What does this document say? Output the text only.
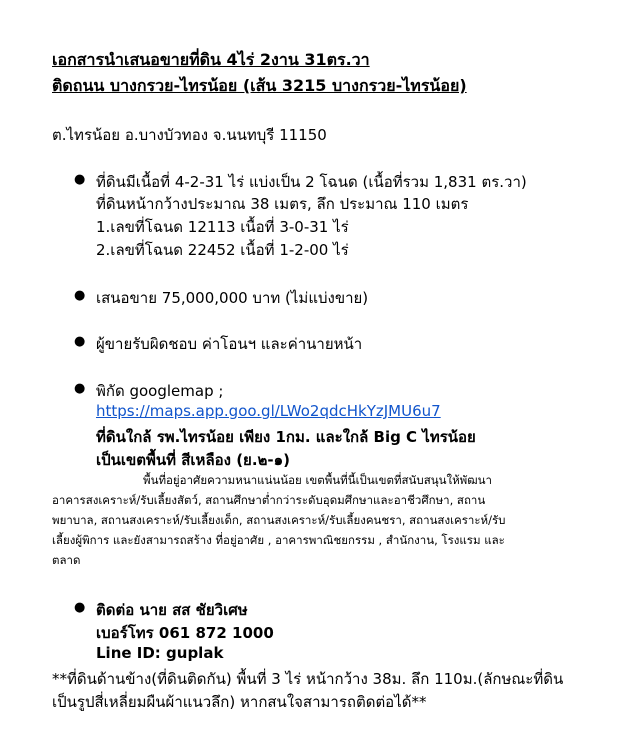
เอกสารนำเสนอขายที่ดิน 4ไร่ 2งาน 31ตร.วา
ติดถนน บางกรวย-ไทรน้อย (เส้น 3215 บางกรวย-ไทรน้อย)
ต.ไทรน้อย อ.บางบัวทอง จ.นนทบุรี 11150
● ที่ดินมีเนื้อที่ 4-2-31 ไร่ แบ่งเป็น 2 โฉนด (เนื้อที่รวม 1,831 ตร.วา)
ที่ดินหน้ากว้างประมาณ 38 เมตร, ลึก ประมาณ 110 เมตร
1.เลขที่โฉนด 12113 เนื้อที่ 3-0-31 ไร่
2.เลขที่โฉนด 22452 เนื้อที่ 1-2-00 ไร่
● เสนอขาย 75,000,000 บาท (ไม่แบ่งขาย)
● ผู้ขายรับผิดชอบ ค่าโอนฯ และค่านายหน้า
● พิกัด googlemap ;
https://maps.app.goo.gl/LWo2qdcHkYzJMU6u7
ที่ดินใกล้ รพ.ไทรน้อย เพียง 1กม. และใกล้ Big C ไทรน้อย
เป็นเขตพื้นที่ สีเหลือง (ย.๒-๑)
พื้นที่อยู่อาศัยความหนาแน่นน้อย เขตพื้นที่นี้เป็นเขตที่สนับสนุนให้พัฒนา
อาคารสงเคราะห์/รับเลี้ยงสัตว์, สถานศึกษาต่ำกว่าระดับอุดมศึกษาและอาชีวศึกษา, สถาน
พยาบาล, สถานสงเคราะห์/รับเลี้ยงเด็ก, สถานสงเคราะห์/รับเลี้ยงคนชรา, สถานสงเคราะห์/รับ
เลี้ยงผู้พิการ และยังสามารถสร้าง ที่อยู่อาศัย , อาคารพาณิชยกรรม , สำนักงาน, โรงแรม และ
ตลาด
● ติดต่อ นาย สส ชัยวิเศษ
เบอร์โทร 061 872 1000
Line ID: guplak
**ที่ดินด้านข้าง(ที่ดินติดกัน) พื้นที่ 3 ไร่ หน้ากว้าง 38ม. ลึก 110ม.(ลักษณะที่ดิน
เป็นรูปสี่เหลี่ยมผืนผ้าแนวลึก) หากสนใจสามารถติดต่อได้**
